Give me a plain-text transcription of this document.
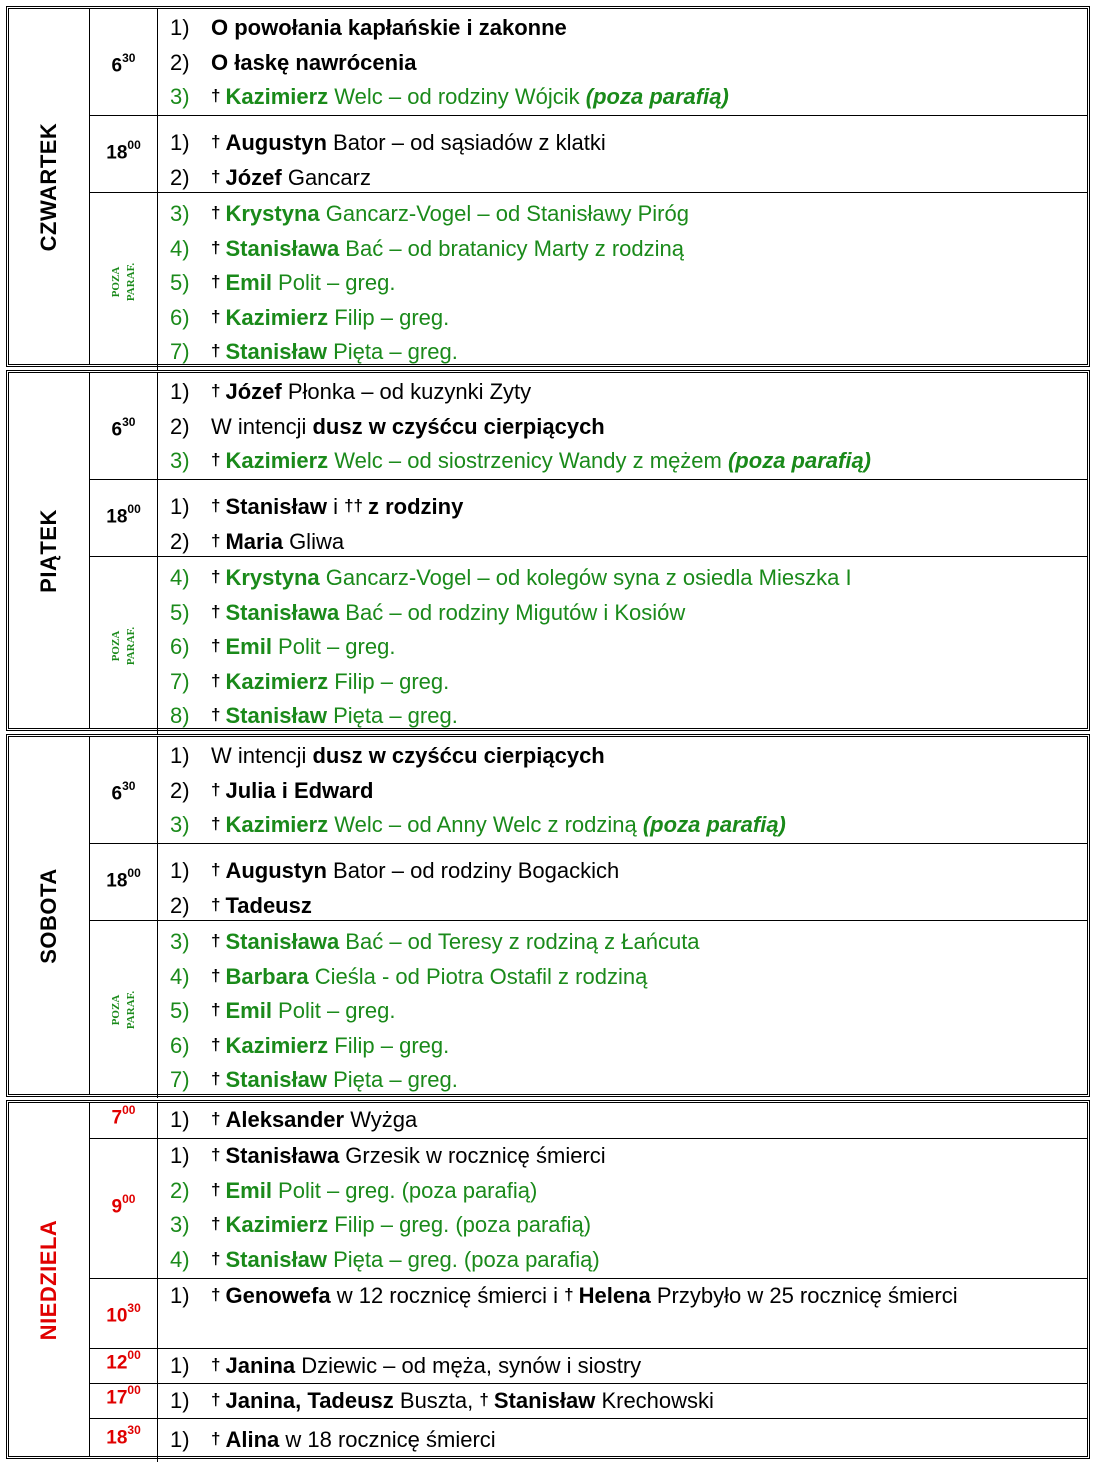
CZWARTEK
$6^{30}$
1) O powołania kapłańskie i zakonne
2) O łaskę nawrócenia
3) † Kazimierz Welc – od rodziny Wójcik (poza parafią)
$18^{00}$	1) † Augustyn Bator – od sąsiadów z klatki
2) † Józef Gancarz
POZA PARAF.
3) † Krystyna Gancarz-Vogel – od Stanisławy Piróg
4) † Stanisława Bać – od bratanicy Marty z rodziną
5) † Emil Polit – greg.
6) † Kazimierz Filip – greg.
7) † Stanisław Pięta – greg.
PIĄTEK
$6^{30}$
1) † Józef Płonka – od kuzynki Zyty
2) W intencji dusz w czyśćcu cierpiących
3) † Kazimierz Welc – od siostrzenicy Wandy z mężem (poza parafią)
$18^{00}$	1) † Stanisław i †† z rodziny
2) † Maria Gliwa
POZA PARAF.
4) † Krystyna Gancarz-Vogel – od kolegów syna z osiedla Mieszka I
5) † Stanisława Bać – od rodziny Migutów i Kosiów
6) † Emil Polit – greg.
7) † Kazimierz Filip – greg.
8) † Stanisław Pięta – greg.
SOBOTA
$6^{30}$
1) W intencji dusz w czyśćcu cierpiących
2) † Julia i Edward
3) † Kazimierz Welc – od Anny Welc z rodziną (poza parafią)
$18^{00}$	1) † Augustyn Bator – od rodziny Bogackich
2) † Tadeusz
POZA PARAF.
3) † Stanisława Bać – od Teresy z rodziną z Łańcuta
4) † Barbara Cieśla - od Piotra Ostafil z rodziną
5) † Emil Polit – greg.
6) † Kazimierz Filip – greg.
7) † Stanisław Pięta – greg.
NIEDZIELA
$7^{00}$	1) † Aleksander Wyżga
$9^{00}$
1) † Stanisława Grzesik w rocznicę śmierci
2) † Emil Polit – greg. (poza parafią)
3) † Kazimierz Filip – greg. (poza parafią)
4) † Stanisław Pięta – greg. (poza parafią)
$10^{30}$	1) † Genowefa w 12 rocznicę śmierci i † Helena Przybyło w 25 rocznicę śmierci
$12^{00}$	1) † Janina Dziewic – od męża, synów i siostry
$17^{00}$	1) † Janina, Tadeusz Buszta, † Stanisław Krechowski
$18^{30}$	1) † Alina w 18 rocznicę śmierci
